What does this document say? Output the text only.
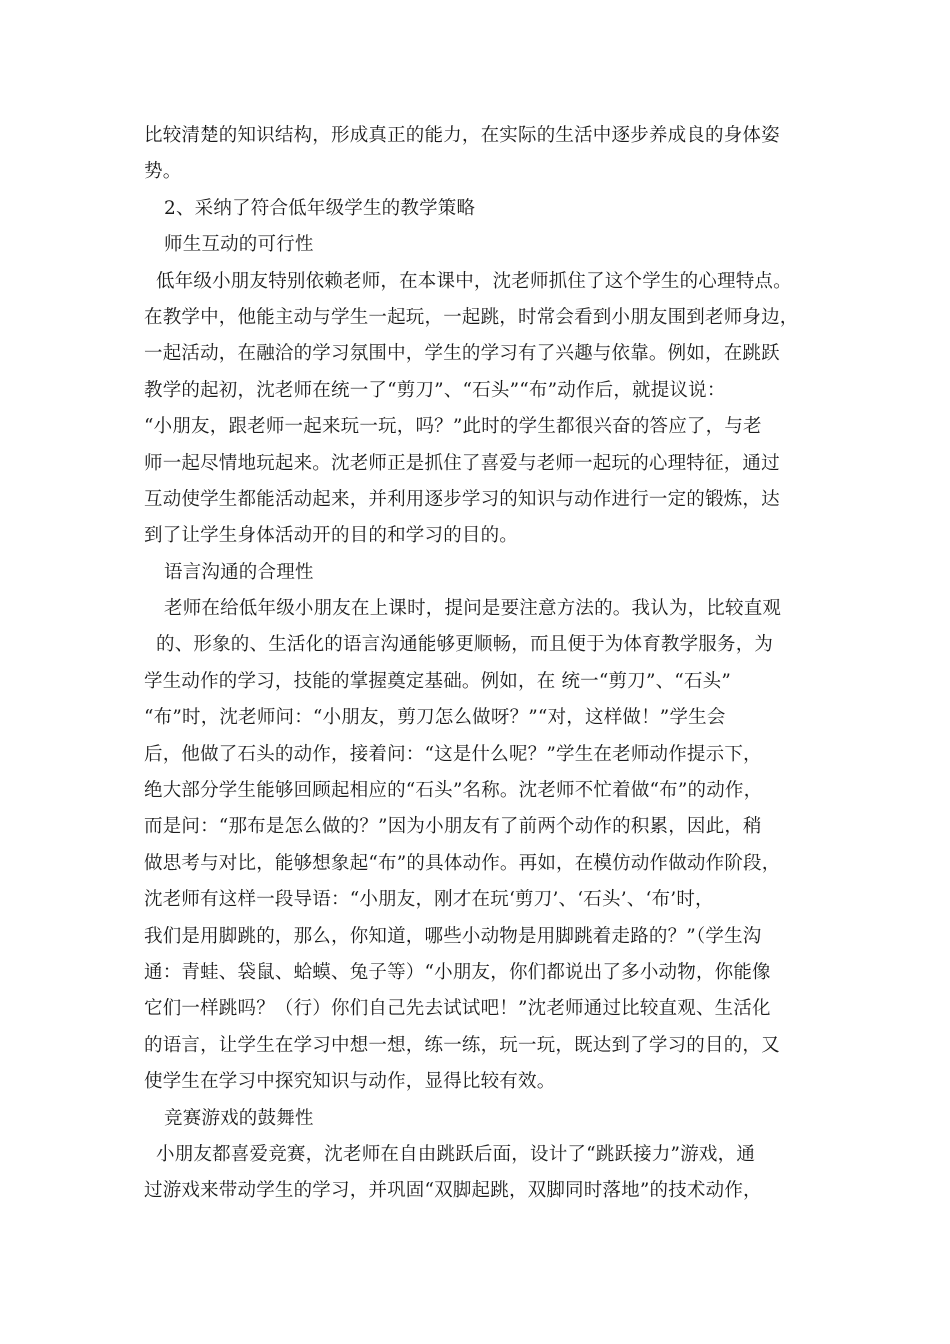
比较清楚的知识结构，形成真正的能力，在实际的生活中逐步养成良的身体姿
势。
2、采纳了符合低年级学生的教学策略
师生互动的可行性
低年级小朋友特别依赖老师，在本课中，沈老师抓住了这个学生的心理特点。
在教学中，他能主动与学生一起玩，一起跳，时常会看到小朋友围到老师身边，
一起活动，在融洽的学习氛围中，学生的学习有了兴趣与依靠。例如，在跳跃
教学的起初，沈老师在统一了“剪刀”、“石头”“布”动作后，就提议说：
“小朋友，跟老师一起来玩一玩，吗？”此时的学生都很兴奋的答应了，与老
师一起尽情地玩起来。沈老师正是抓住了喜爱与老师一起玩的心理特征，通过
互动使学生都能活动起来，并利用逐步学习的知识与动作进行一定的锻炼，达
到了让学生身体活动开的目的和学习的目的。
语言沟通的合理性
老师在给低年级小朋友在上课时，提问是要注意方法的。我认为，比较直观
的、形象的、生活化的语言沟通能够更顺畅，而且便于为体育教学服务，为
学生动作的学习，技能的掌握奠定基础。例如，在 统一“剪刀”、“石头”
“布”时，沈老师问：“小朋友，剪刀怎么做呀？”“对，这样做！”学生会
后，他做了石头的动作，接着问：“这是什么呢？”学生在老师动作提示下，
绝大部分学生能够回顾起相应的“石头”名称。沈老师不忙着做“布”的动作，
而是问：“那布是怎么做的？”因为小朋友有了前两个动作的积累，因此，稍
做思考与对比，能够想象起“布”的具体动作。再如，在模仿动作做动作阶段，
沈老师有这样一段导语：“小朋友，刚才在玩‘剪刀’、‘石头’、‘布’时，
我们是用脚跳的，那么，你知道，哪些小动物是用脚跳着走路的？”（学生沟
通：青蛙、袋鼠、蛤蟆、兔子等）“小朋友，你们都说出了多小动物，你能像
它们一样跳吗？（行）你们自己先去试试吧！”沈老师通过比较直观、生活化
的语言，让学生在学习中想一想，练一练，玩一玩，既达到了学习的目的，又
使学生在学习中探究知识与动作，显得比较有效。
竞赛游戏的鼓舞性
小朋友都喜爱竞赛，沈老师在自由跳跃后面，设计了“跳跃接力”游戏，通
过游戏来带动学生的学习，并巩固“双脚起跳，双脚同时落地”的技术动作，
